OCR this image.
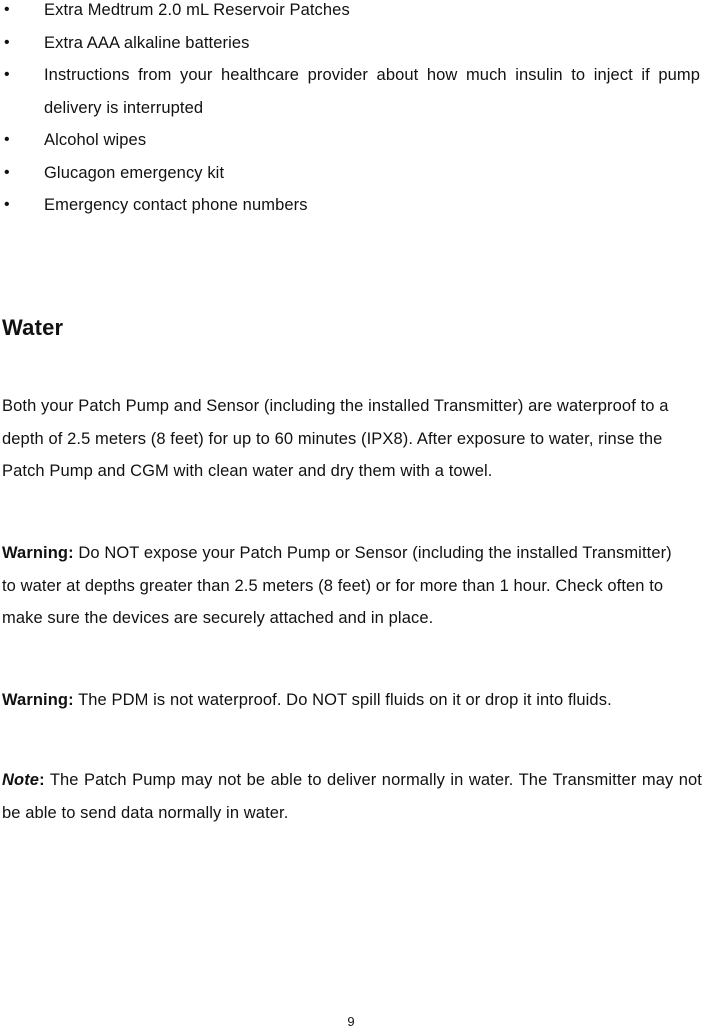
• Extra Medtrum 2.0 mL Reservoir Patches
• Extra AAA alkaline batteries
• Instructions from your healthcare provider about how much insulin to inject if pump delivery is interrupted
• Alcohol wipes
• Glucagon emergency kit
• Emergency contact phone numbers
Water

Both your Patch Pump and Sensor (including the installed Transmitter) are waterproof to a depth of 2.5 meters (8 feet) for up to 60 minutes (IPX8). After exposure to water, rinse the Patch Pump and CGM with clean water and dry them with a towel.

Warning: Do NOT expose your Patch Pump or Sensor (including the installed Transmitter) to water at depths greater than 2.5 meters (8 feet) or for more than 1 hour. Check often to make sure the devices are securely attached and in place.

Warning: The PDM is not waterproof. Do NOT spill fluids on it or drop it into fluids.

Note: The Patch Pump may not be able to deliver normally in water. The Transmitter may not be able to send data normally in water.

9
